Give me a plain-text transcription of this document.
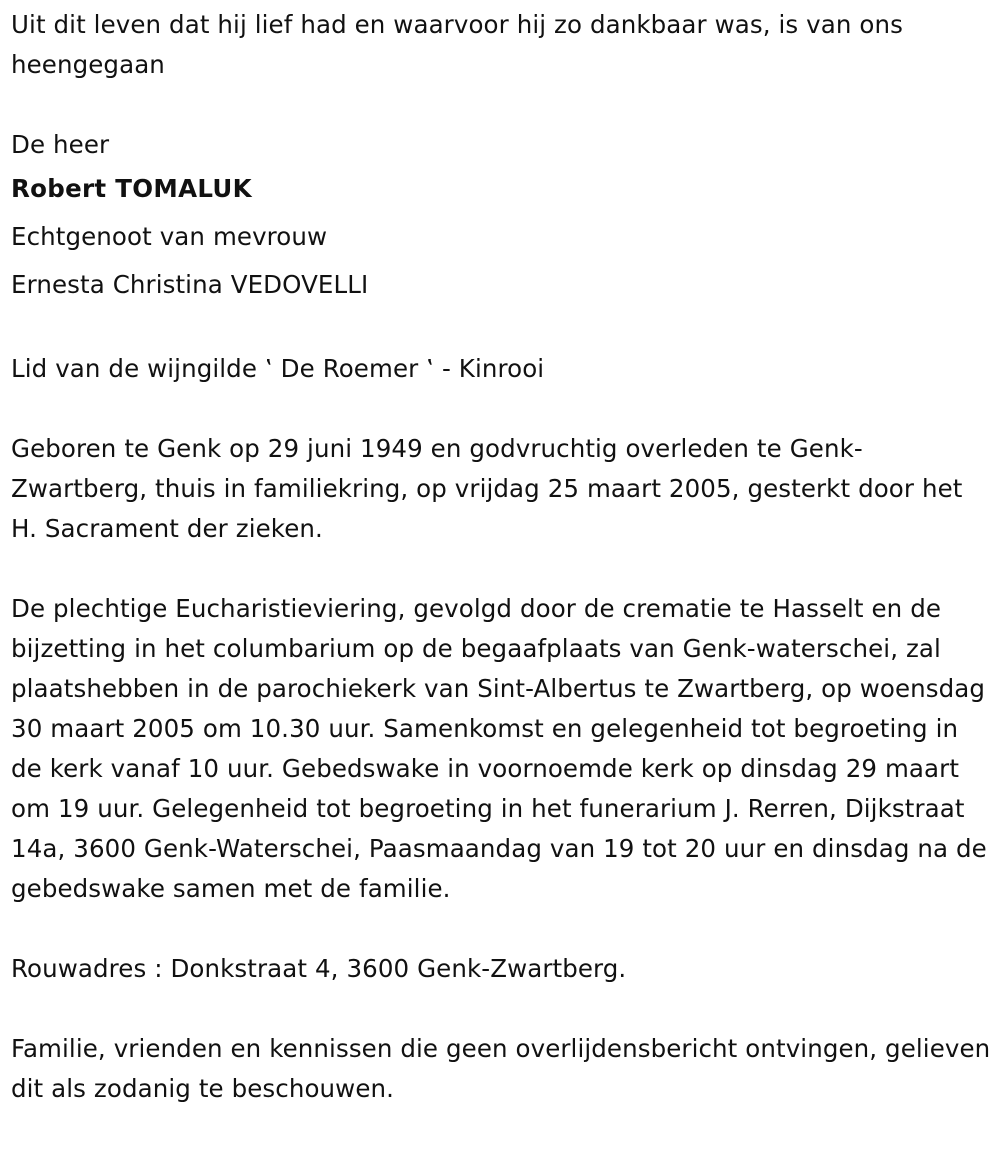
Uit dit leven dat hij lief had en waarvoor hij zo dankbaar was, is van ons heengegaan

De heer
Robert TOMALUK
Echtgenoot van mevrouw
Ernesta Christina VEDOVELLI

Lid van de wijngilde ‛ De Roemer ‛ - Kinrooi

Geboren te Genk op 29 juni 1949 en godvruchtig overleden te Genk-Zwartberg, thuis in familiekring, op vrijdag 25 maart 2005, gesterkt door het H. Sacrament der zieken.

De plechtige Eucharistieviering, gevolgd door de crematie te Hasselt en de bijzetting in het columbarium op de begaafplaats van Genk-waterschei, zal plaatshebben in de parochiekerk van Sint-Albertus te Zwartberg, op woensdag 30 maart 2005 om 10.30 uur. Samenkomst en gelegenheid tot begroeting in de kerk vanaf 10 uur. Gebedswake in voornoemde kerk op dinsdag 29 maart om 19 uur. Gelegenheid tot begroeting in het funerarium J. Rerren, Dijkstraat 14a, 3600 Genk-Waterschei, Paasmaandag van 19 tot 20 uur en dinsdag na de gebedswake samen met de familie.

Rouwadres : Donkstraat 4, 3600 Genk-Zwartberg.

Familie, vrienden en kennissen die geen overlijdensbericht ontvingen, gelieven dit als zodanig te beschouwen.
